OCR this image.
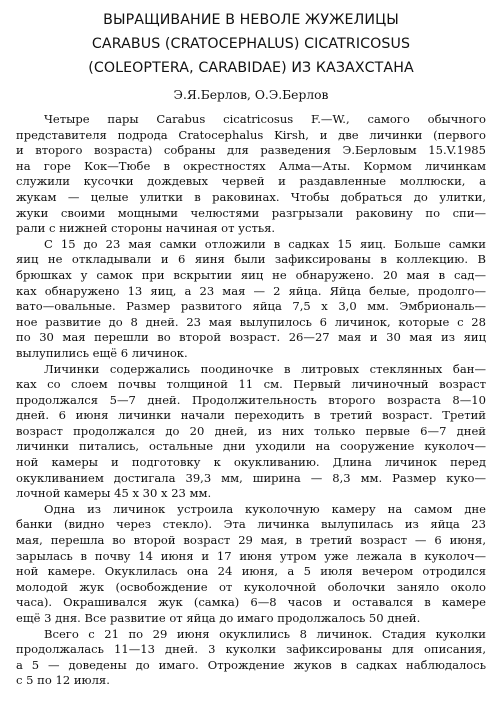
ВЫРАЩИВАНИЕ В НЕВОЛЕ ЖУЖЕЛИЦЫ
CARABUS (CRATOCEPHALUS) CICATRICOSUS
(COLEOPTERA, CARABIDAE) ИЗ КАЗАХСТАНА
Э.Я.Берлов, О.Э.Берлов

Четыре пары Carabus cicatricosus F.—W., самого обычного
представителя подрода Cratocephalus Kirsh, и две личинки (первого
и второго возраста) собраны для разведения Э.Берловым 15.V.1985
на горе Кок—Тюбе в окрестностях Алма—Аты. Кормом личинкам
служили кусочки дождевых червей и раздавленные моллюски, а
жукам — целые улитки в раковинах. Чтобы добраться до улитки,
жуки своими мощными челюстями разгрызали раковину по спи—
рали с нижней стороны начиная от устья.

С 15 до 23 мая самки отложили в садках 15 яиц. Больше самки
яиц не откладывали и 6 яиня были зафиксированы в коллекцию. В
брюшках у самок при вскрытии яиц не обнаружено. 20 мая в сад—
ках обнаружено 13 яиц, а 23 мая — 2 яйца. Яйца белые, продолго—
вато—овальные. Размер развитого яйца 7,5 х 3,0 мм. Эмбриональ—
ное развитие до 8 дней. 23 мая вылупилось 6 личинок, которые с 28
по 30 мая перешли во второй возраст. 26—27 мая и 30 мая из яиц
вылупились ещё 6 личинок.

Личинки содержались поодиночке в литровых стеклянных бан—
ках со слоем почвы толщиной 11 см. Первый личиночный возраст
продолжался 5—7 дней. Продолжительность второго возраста 8—10
дней. 6 июня личинки начали переходить в третий возраст. Третий
возраст продолжался до 20 дней, из них только первые 6—7 дней
личинки питались, остальные дни уходили на сооружение куколоч—
ной камеры и подготовку к окукливанию. Длина личинок перед
окукливанием достигала 39,3 мм, ширина — 8,3 мм. Размер куко—
лочной камеры 45 х 30 х 23 мм.

Одна из личинок устроила куколочную камеру на самом дне
банки (видно через стекло). Эта личинка вылупилась из яйца 23
мая, перешла во второй возраст 29 мая, в третий возраст — 6 июня,
зарылась в почву 14 июня и 17 июня утром уже лежала в куколоч—
ной камере. Окуклилась она 24 июня, а 5 июля вечером отродился
молодой жук (освобождение от куколочной оболочки заняло около
часа). Окрашивался жук (самка) 6—8 часов и оставался в камере
ещё 3 дня. Все развитие от яйца до имаго продолжалось 50 дней.

Всего с 21 по 29 июня окуклились 8 личинок. Стадия куколки
продолжалась 11—13 дней. 3 куколки зафиксированы для описания,
а 5 — доведены до имаго. Отрождение жуков в садках наблюдалось
с 5 по 12 июля.
